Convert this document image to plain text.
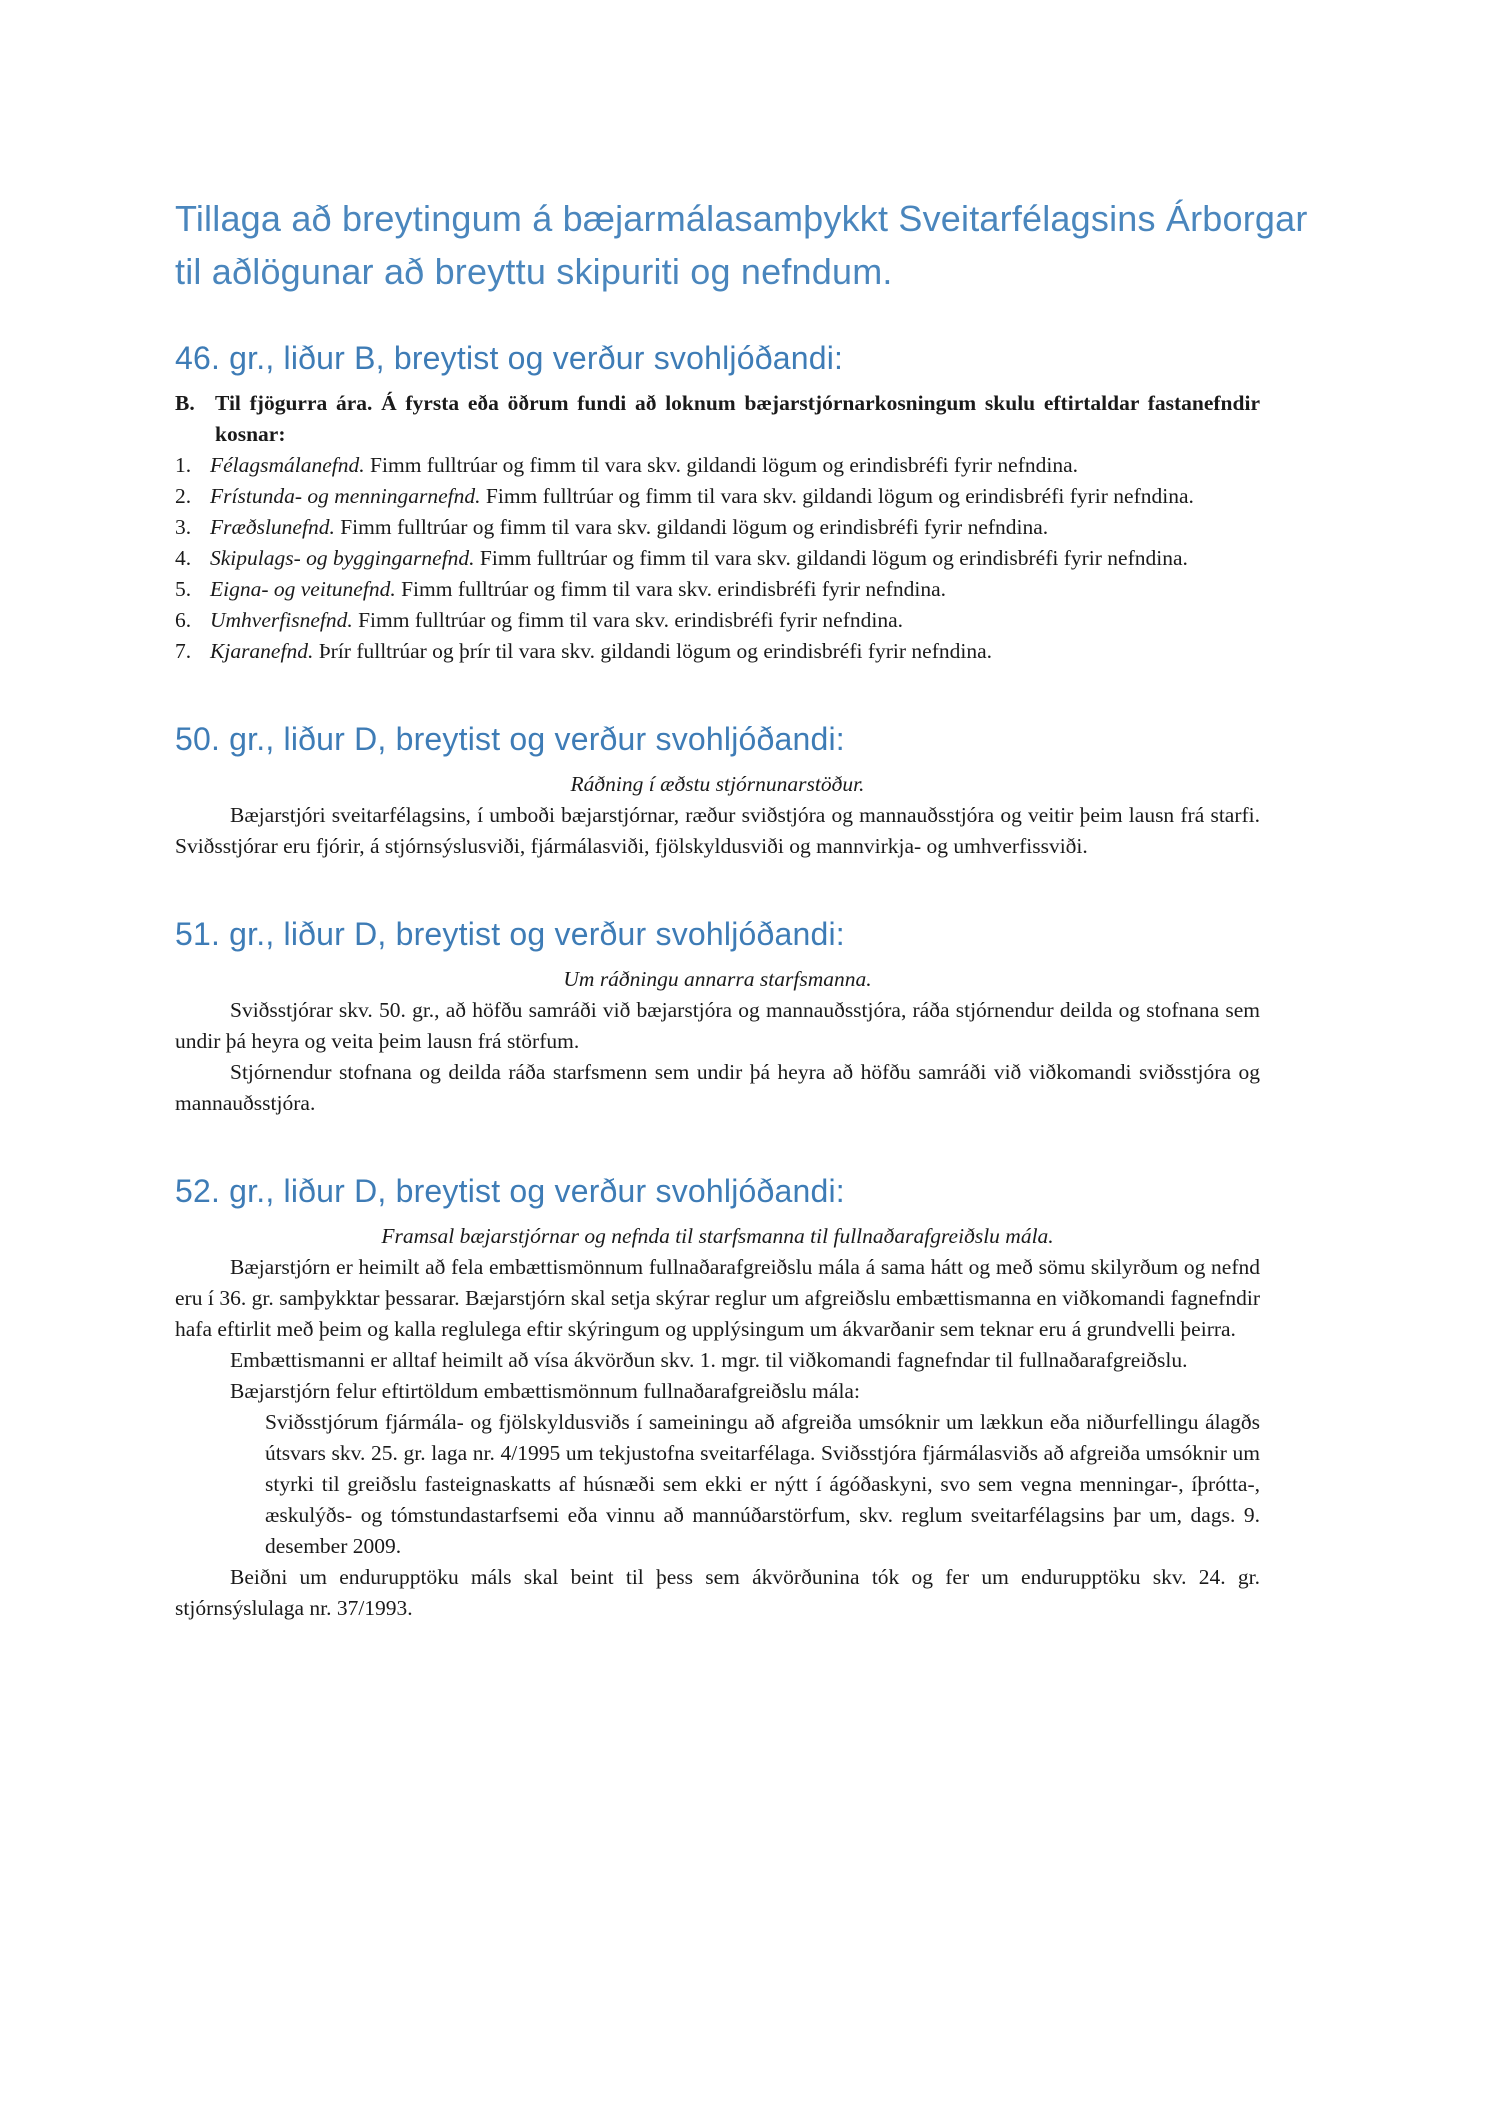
Tillaga að breytingum á bæjarmálasamþykkt Sveitarfélagsins Árborgar til aðlögunar að breyttu skipuriti og nefndum.
46. gr., liður B, breytist og verður svohljóðandi:
B. Til fjögurra ára. Á fyrsta eða öðrum fundi að loknum bæjarstjórnarkosningum skulu eftirtaldar fastanefndir kosnar:
1. Félagsmálanefnd. Fimm fulltrúar og fimm til vara skv. gildandi lögum og erindisbréfi fyrir nefndina.
2. Frístunda- og menningarnefnd. Fimm fulltrúar og fimm til vara skv. gildandi lögum og erindisbréfi fyrir nefndina.
3. Fræðslunefnd. Fimm fulltrúar og fimm til vara skv. gildandi lögum og erindisbréfi fyrir nefndina.
4. Skipulags- og byggingarnefnd. Fimm fulltrúar og fimm til vara skv. gildandi lögum og erindisbréfi fyrir nefndina.
5. Eigna- og veitunefnd. Fimm fulltrúar og fimm til vara skv. erindisbréfi fyrir nefndina.
6. Umhverfisnefnd. Fimm fulltrúar og fimm til vara skv. erindisbréfi fyrir nefndina.
7. Kjaranefnd. Þrír fulltrúar og þrír til vara skv. gildandi lögum og erindisbréfi fyrir nefndina.
50. gr., liður D, breytist og verður svohljóðandi:

Ráðning í æðstu stjórnunarstöður.

Bæjarstjóri sveitarfélagsins, í umboði bæjarstjórnar, ræður sviðstjóra og mannauðsstjóra og veitir þeim lausn frá starfi. Sviðsstjórar eru fjórir, á stjórnsýslusviði, fjármálasviði, fjölskyldusviði og mannvirkja- og umhverfissviði.

51. gr., liður D, breytist og verður svohljóðandi:

Um ráðningu annarra starfsmanna.

Sviðsstjórar skv. 50. gr., að höfðu samráði við bæjarstjóra og mannauðsstjóra, ráða stjórnendur deilda og stofnana sem undir þá heyra og veita þeim lausn frá störfum.

Stjórnendur stofnana og deilda ráða starfsmenn sem undir þá heyra að höfðu samráði við viðkomandi sviðsstjóra og mannauðsstjóra.

52. gr., liður D, breytist og verður svohljóðandi:

Framsal bæjarstjórnar og nefnda til starfsmanna til fullnaðarafgreiðslu mála.

Bæjarstjórn er heimilt að fela embættismönnum fullnaðarafgreiðslu mála á sama hátt og með sömu skilyrðum og nefnd eru í 36. gr. samþykktar þessarar. Bæjarstjórn skal setja skýrar reglur um afgreiðslu embættismanna en viðkomandi fagnefndir hafa eftirlit með þeim og kalla reglulega eftir skýringum og upplýsingum um ákvarðanir sem teknar eru á grundvelli þeirra.

Embættismanni er alltaf heimilt að vísa ákvörðun skv. 1. mgr. til viðkomandi fagnefndar til fullnaðarafgreiðslu.

Bæjarstjórn felur eftirtöldum embættismönnum fullnaðarafgreiðslu mála:

Sviðsstjórum fjármála- og fjölskyldusviðs í sameiningu að afgreiða umsóknir um lækkun eða niðurfellingu álagðs útsvars skv. 25. gr. laga nr. 4/1995 um tekjustofna sveitarfélaga. Sviðsstjóra fjármálasviðs að afgreiða umsóknir um styrki til greiðslu fasteignaskatts af húsnæði sem ekki er nýtt í ágóðaskyni, svo sem vegna menningar-, íþrótta-, æskulýðs- og tómstundastarfsemi eða vinnu að mannúðarstörfum, skv. reglum sveitarfélagsins þar um, dags. 9. desember 2009.

Beiðni um endurupptöku máls skal beint til þess sem ákvörðunina tók og fer um endurupptöku skv. 24. gr. stjórnsýslulaga nr. 37/1993.
